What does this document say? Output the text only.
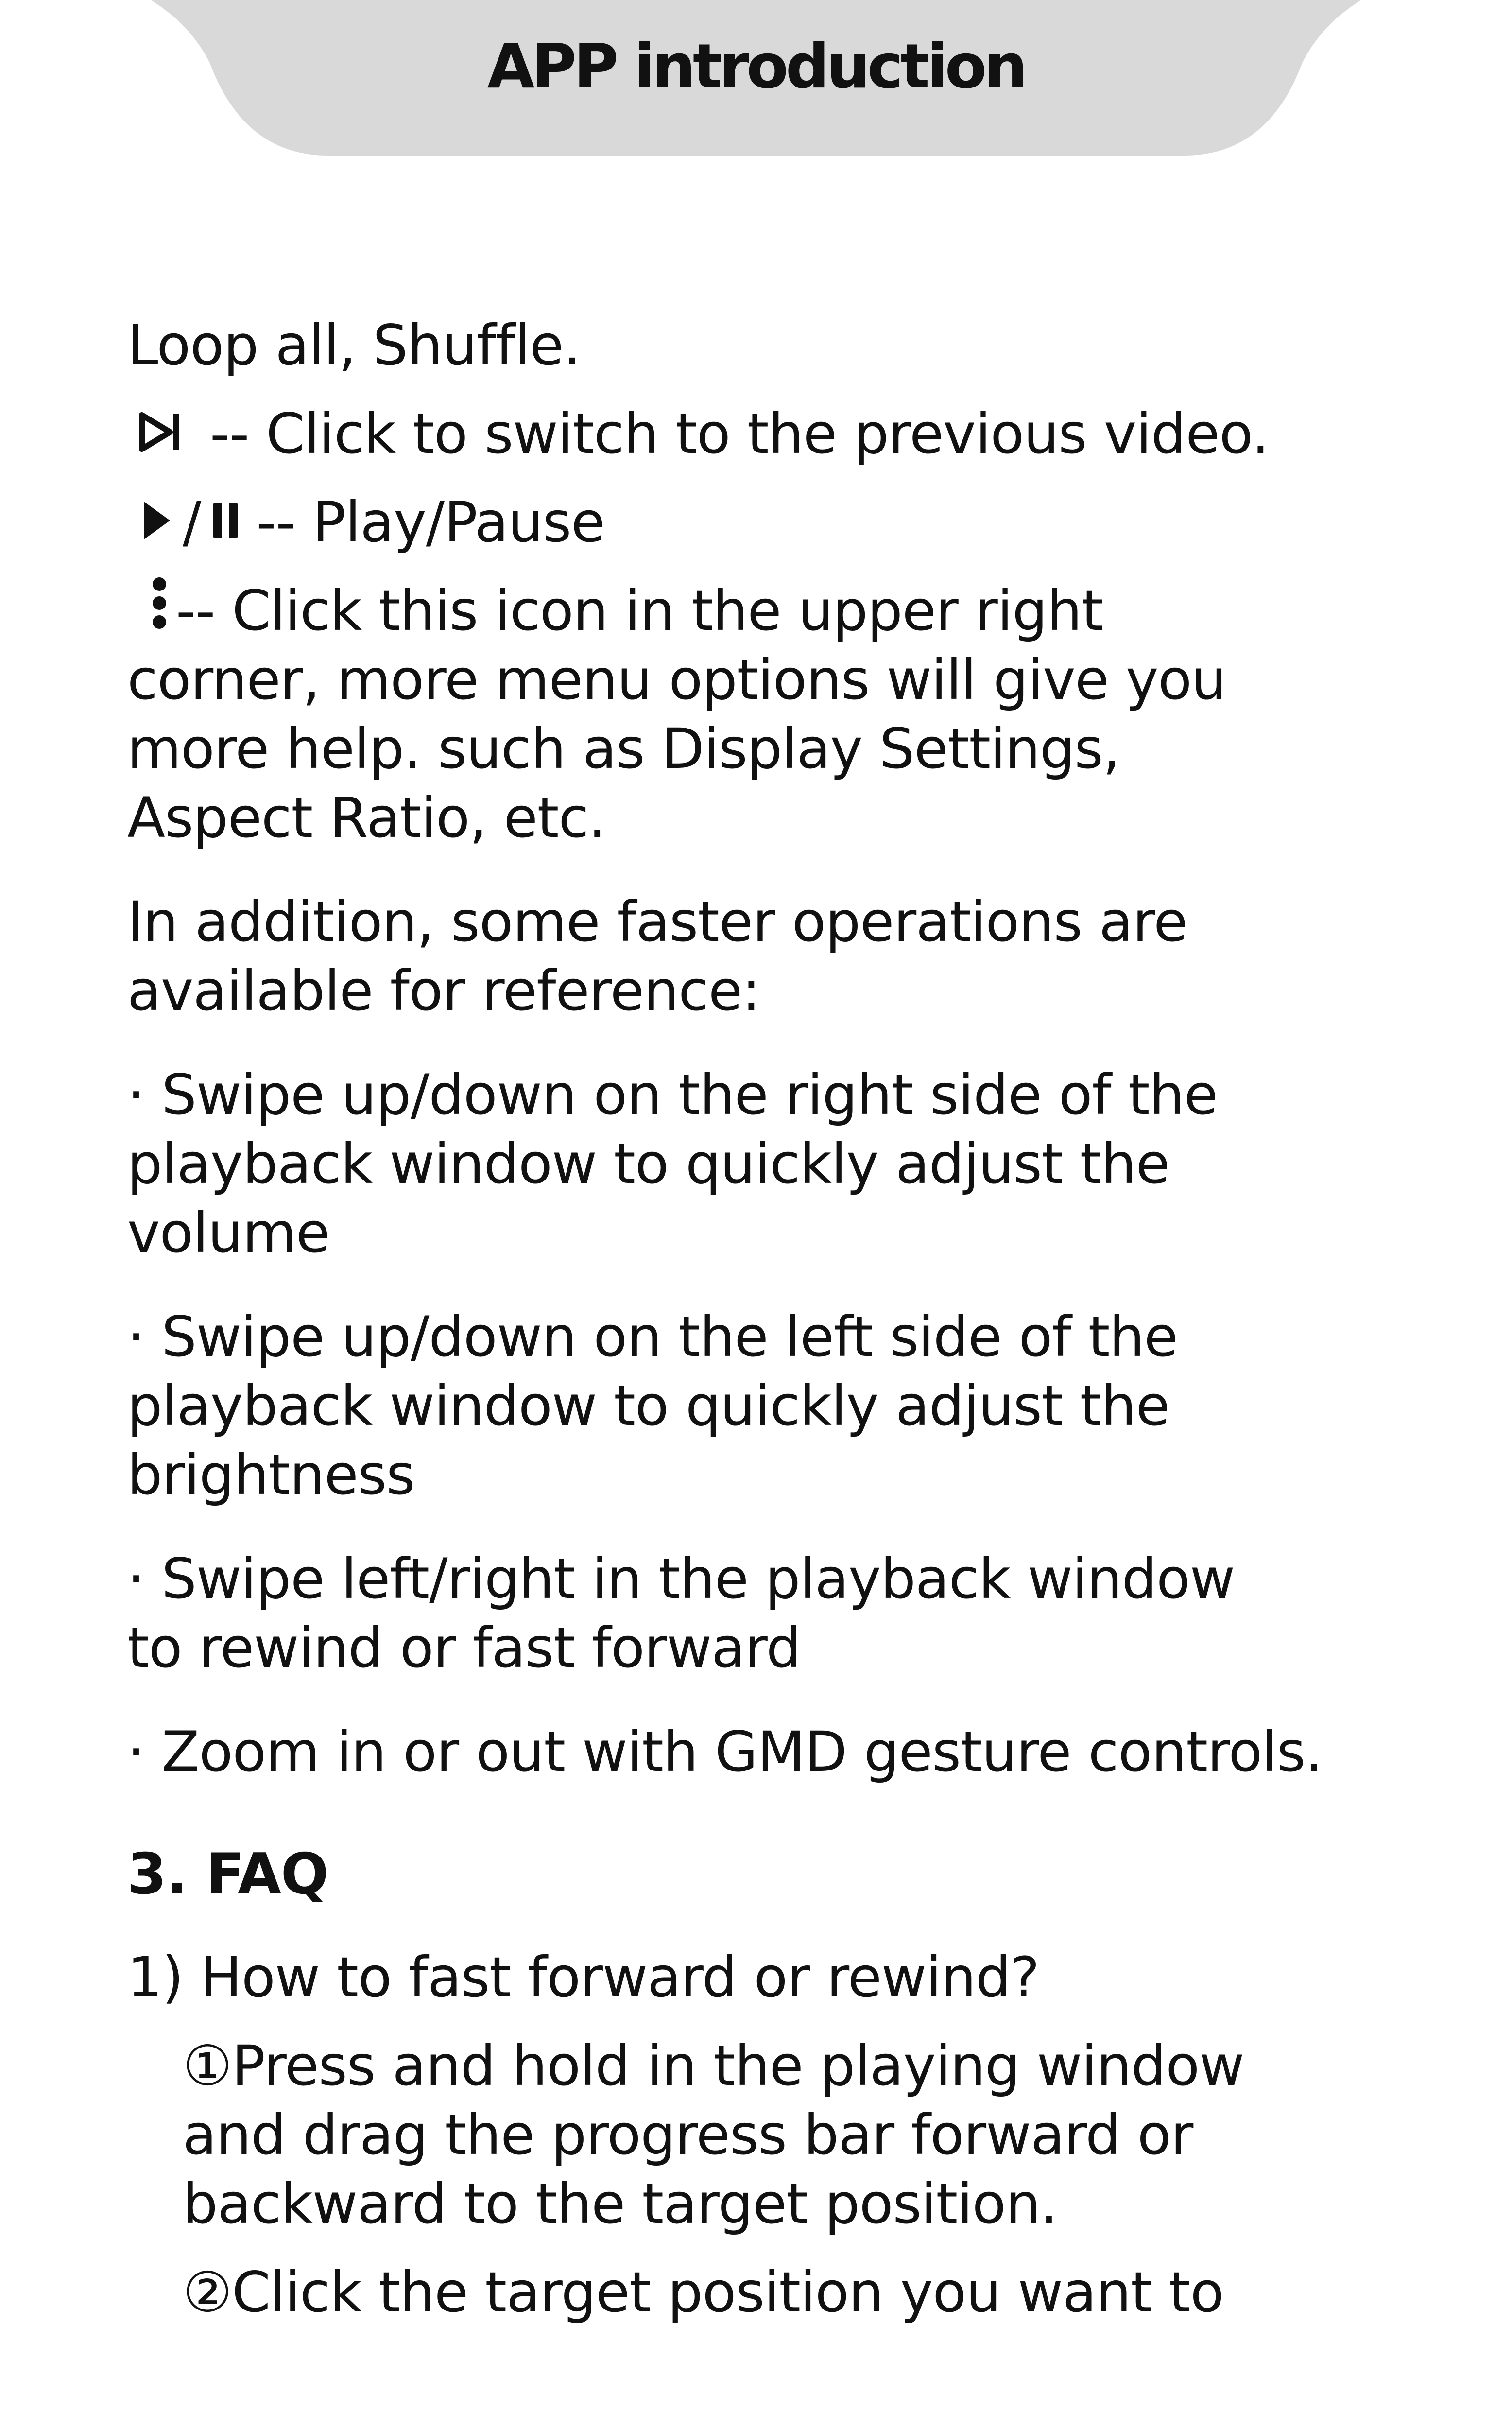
APP introduction
Loop all, Shuffle.
-- Click to switch to the previous video.
/ -- Play/Pause
-- Click this icon in the upper right
corner, more menu options will give you
more help. such as Display Settings,
Aspect Ratio, etc.
In addition, some faster operations are
available for reference:
· Swipe up/down on the right side of the
playback window to quickly adjust the
volume
· Swipe up/down on the left side of the
playback window to quickly adjust the
brightness
· Swipe left/right in the playback window
to rewind or fast forward
· Zoom in or out with GMD gesture controls.
3. FAQ
1) How to fast forward or rewind?
①Press and hold in the playing window
and drag the progress bar forward or
backward to the target position.
②Click the target position you want to
